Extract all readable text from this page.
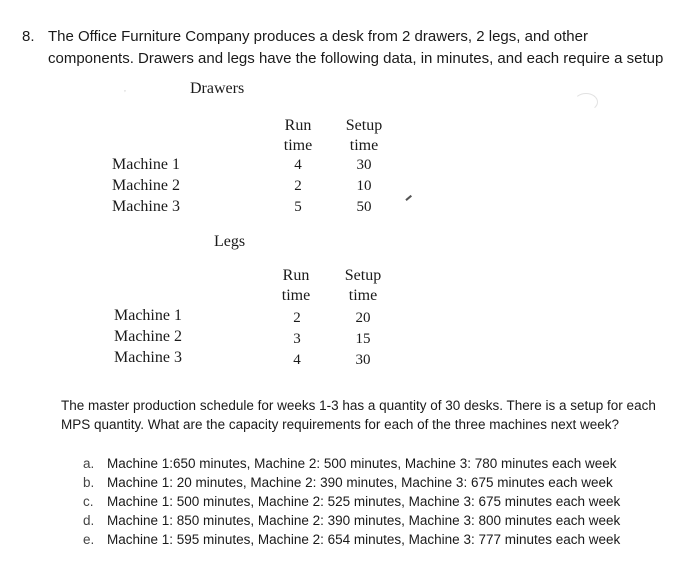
8. The Office Furniture Company produces a desk from 2 drawers, 2 legs, and other
components. Drawers and legs have the following data, in minutes, and each require a setup
,	Drawers
Run
time
Setup
time
Machine 1
Machine 2
Machine 3
4
2
5
30
10
50
Legs
Run
time
Setup
time
Machine 1
Machine 2
Machine 3
2
3
4
20
15
30
The master production schedule for weeks 1-3 has a quantity of 30 desks. There is a setup for each
MPS quantity. What are the capacity requirements for each of the three machines next week?
a. Machine 1:650 minutes, Machine 2: 500 minutes, Machine 3: 780 minutes each week
b. Machine 1: 20 minutes, Machine 2: 390 minutes, Machine 3: 675 minutes each week
c. Machine 1: 500 minutes, Machine 2: 525 minutes, Machine 3: 675 minutes each week
d. Machine 1: 850 minutes, Machine 2: 390 minutes, Machine 3: 800 minutes each week
e. Machine 1: 595 minutes, Machine 2: 654 minutes, Machine 3: 777 minutes each week
